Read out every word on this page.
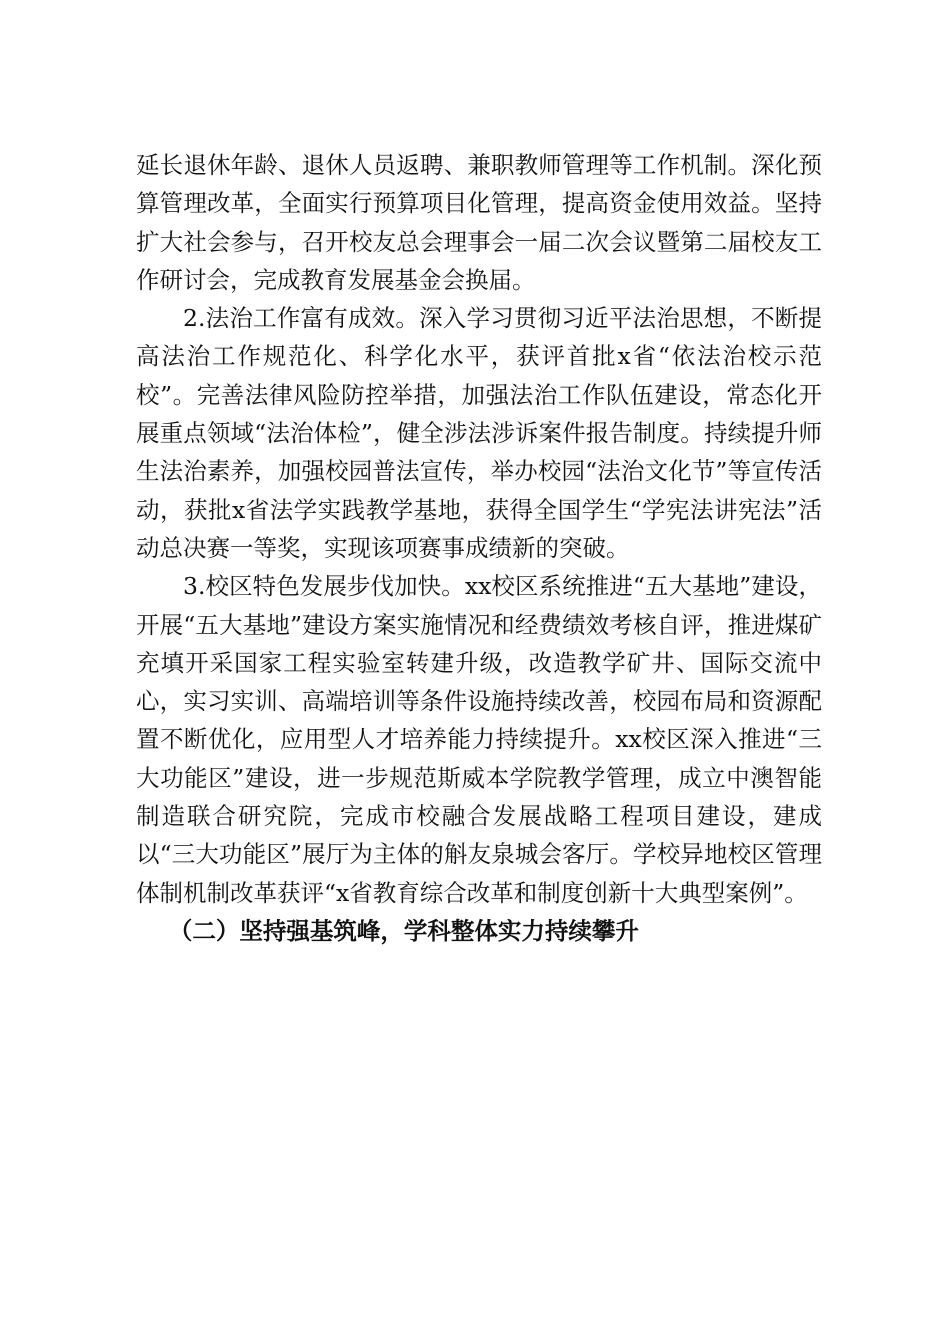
延长退休年龄、退休人员返聘、兼职教师管理等工作机制。深化预算管理改革，全面实行预算项目化管理，提高资金使用效益。坚持扩大社会参与，召开校友总会理事会一届二次会议暨第二届校友工作研讨会，完成教育发展基金会换届。

2.法治工作富有成效。深入学习贯彻习近平法治思想，不断提高法治工作规范化、科学化水平，获评首批x省“依法治校示范校”。完善法律风险防控举措，加强法治工作队伍建设，常态化开展重点领域“法治体检”，健全涉法涉诉案件报告制度。持续提升师生法治素养，加强校园普法宣传，举办校园“法治文化节”等宣传活动，获批x省法学实践教学基地，获得全国学生“学宪法讲宪法”活动总决赛一等奖，实现该项赛事成绩新的突破。

3.校区特色发展步伐加快。xx校区系统推进“五大基地”建设，开展“五大基地”建设方案实施情况和经费绩效考核自评，推进煤矿充填开采国家工程实验室转建升级，改造教学矿井、国际交流中心，实习实训、高端培训等条件设施持续改善，校园布局和资源配置不断优化，应用型人才培养能力持续提升。xx校区深入推进“三大功能区”建设，进一步规范斯威本学院教学管理，成立中澳智能制造联合研究院，完成市校融合发展战略工程项目建设，建成以“三大功能区”展厅为主体的斛友泉城会客厅。学校异地校区管理体制机制改革获评“x省教育综合改革和制度创新十大典型案例”。

（二）坚持强基筑峰，学科整体实力持续攀升
